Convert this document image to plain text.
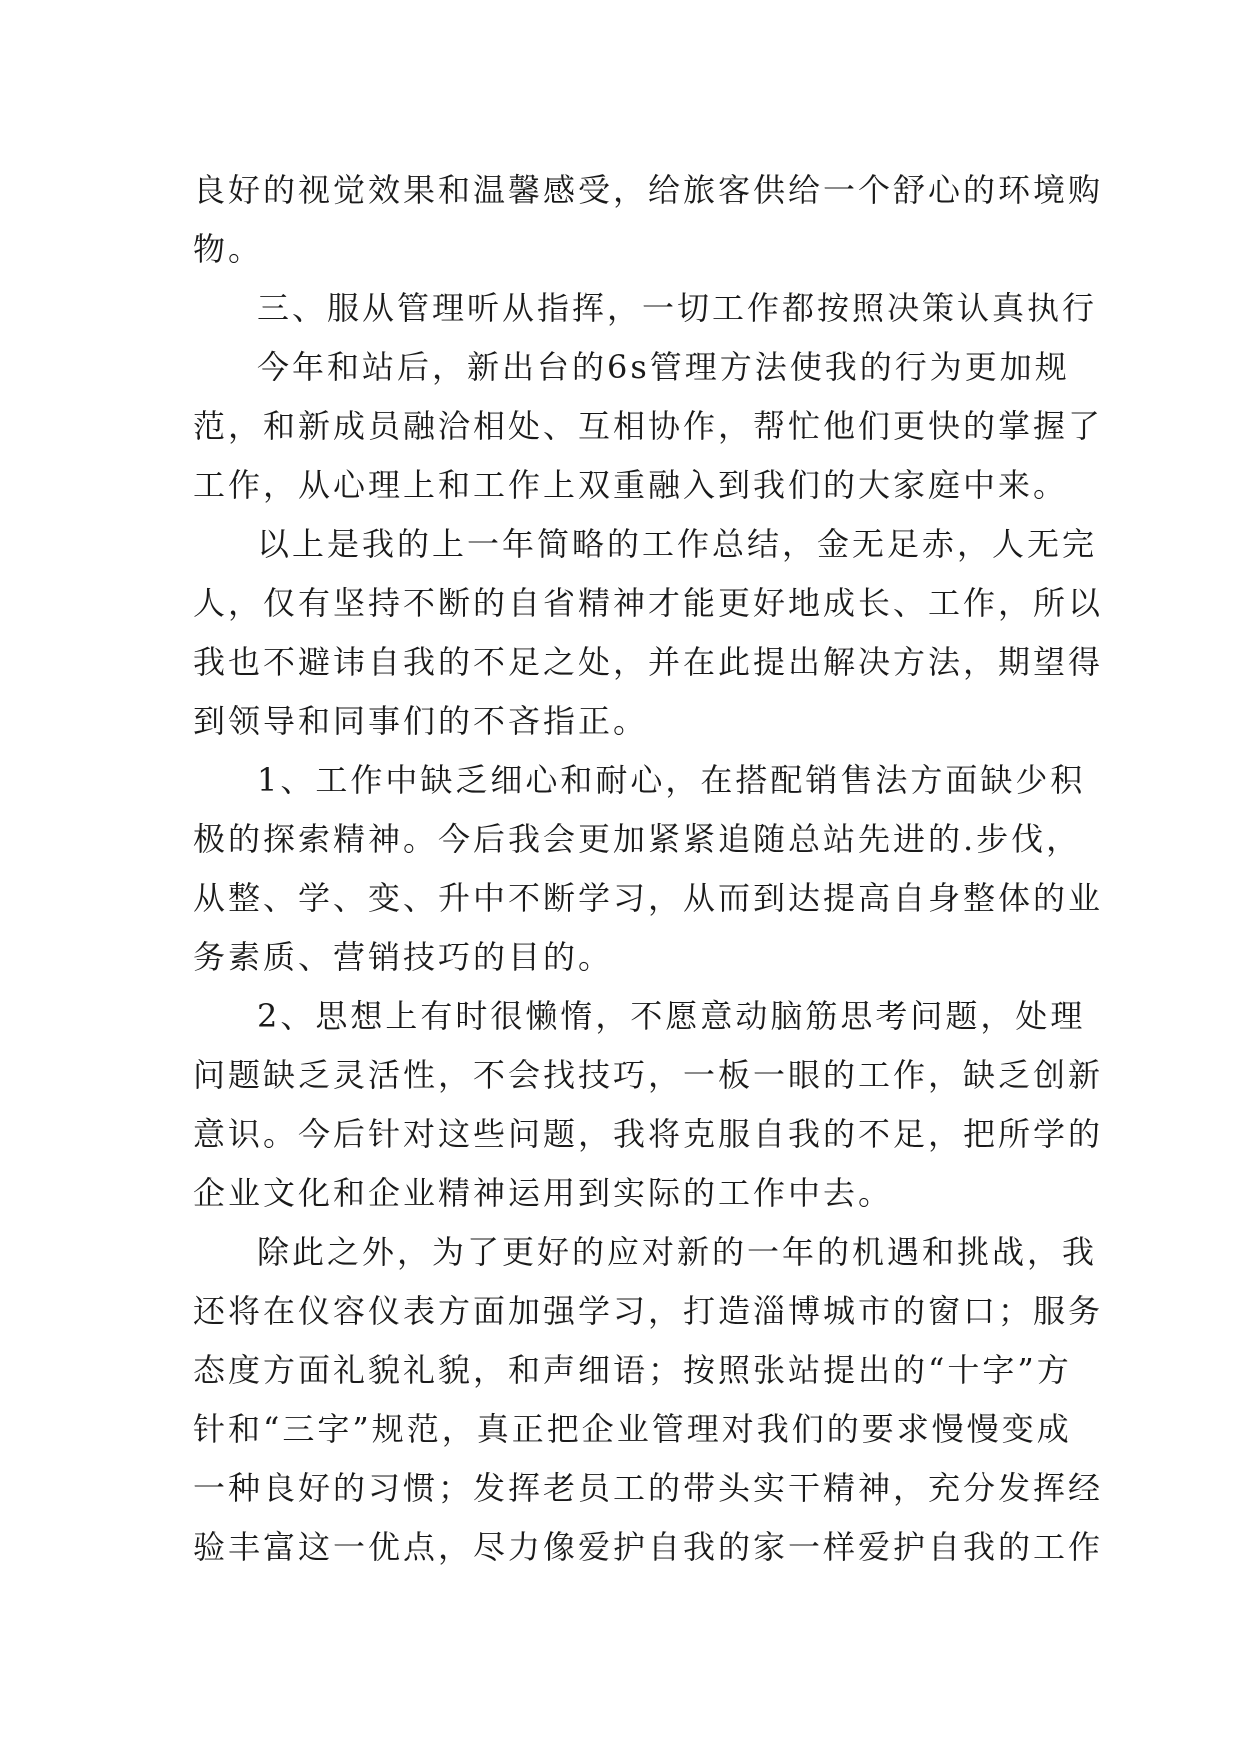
良好的视觉效果和温馨感受，给旅客供给一个舒心的环境购
物。
三、服从管理听从指挥，一切工作都按照决策认真执行
今年和站后，新出台的6s管理方法使我的行为更加规
范，和新成员融洽相处、互相协作，帮忙他们更快的掌握了
工作，从心理上和工作上双重融入到我们的大家庭中来。
以上是我的上一年简略的工作总结，金无足赤，人无完
人，仅有坚持不断的自省精神才能更好地成长、工作，所以
我也不避讳自我的不足之处，并在此提出解决方法，期望得
到领导和同事们的不吝指正。
1、工作中缺乏细心和耐心，在搭配销售法方面缺少积
极的探索精神。今后我会更加紧紧追随总站先进的.步伐，
从整、学、变、升中不断学习，从而到达提高自身整体的业
务素质、营销技巧的目的。
2、思想上有时很懒惰，不愿意动脑筋思考问题，处理
问题缺乏灵活性，不会找技巧，一板一眼的工作，缺乏创新
意识。今后针对这些问题，我将克服自我的不足，把所学的
企业文化和企业精神运用到实际的工作中去。
除此之外，为了更好的应对新的一年的机遇和挑战，我
还将在仪容仪表方面加强学习，打造淄博城市的窗口；服务
态度方面礼貌礼貌，和声细语；按照张站提出的“十字”方
针和“三字”规范，真正把企业管理对我们的要求慢慢变成
一种良好的习惯；发挥老员工的带头实干精神，充分发挥经
验丰富这一优点，尽力像爱护自我的家一样爱护自我的工作
